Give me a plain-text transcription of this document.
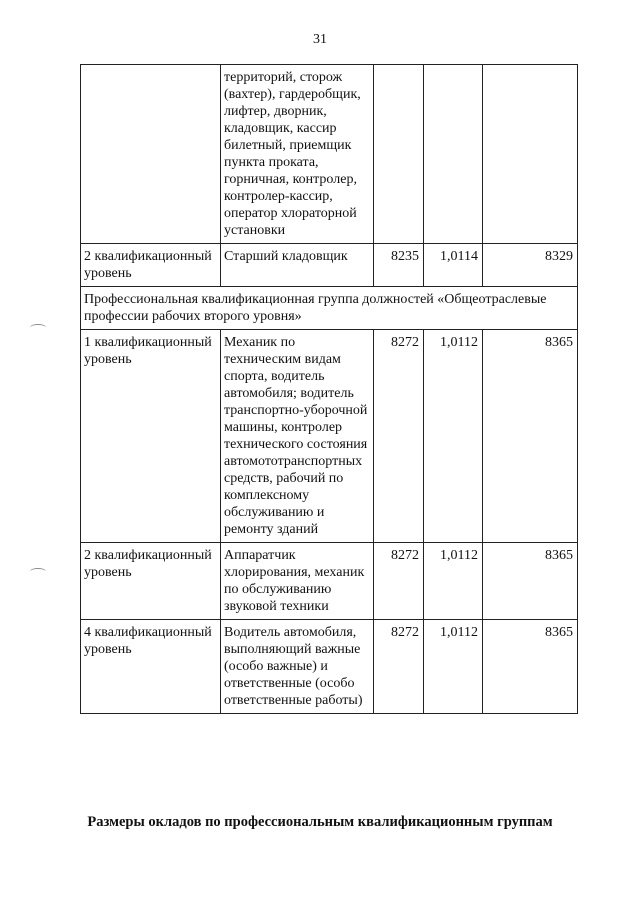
31
	территорий, сторож (вахтер), гардеробщик, лифтер, дворник, кладовщик, кассир билетный, приемщик пункта проката, горничная, контролер, контролер-кассир, оператор хлораторной установки			
2 квалификационный уровень	Старший кладовщик	8235	1,0114	8329
Профессиональная квалификационная группа должностей «Общеотраслевые профессии рабочих второго уровня»				
1 квалификационный уровень	Механик по техническим видам спорта, водитель автомобиля; водитель транспортно-уборочной машины, контролер технического состояния автомототранспортных средств, рабочий по комплексному обслуживанию и ремонту зданий	8272	1,0112	8365
2 квалификационный уровень	Аппаратчик хлорирования, механик по обслуживанию звуковой техники	8272	1,0112	8365
4 квалификационный уровень	Водитель автомобиля, выполняющий важные (особо важные) и ответственные (особо ответственные работы)	8272	1,0112	8365
Размеры окладов по профессиональным квалификационным группам
